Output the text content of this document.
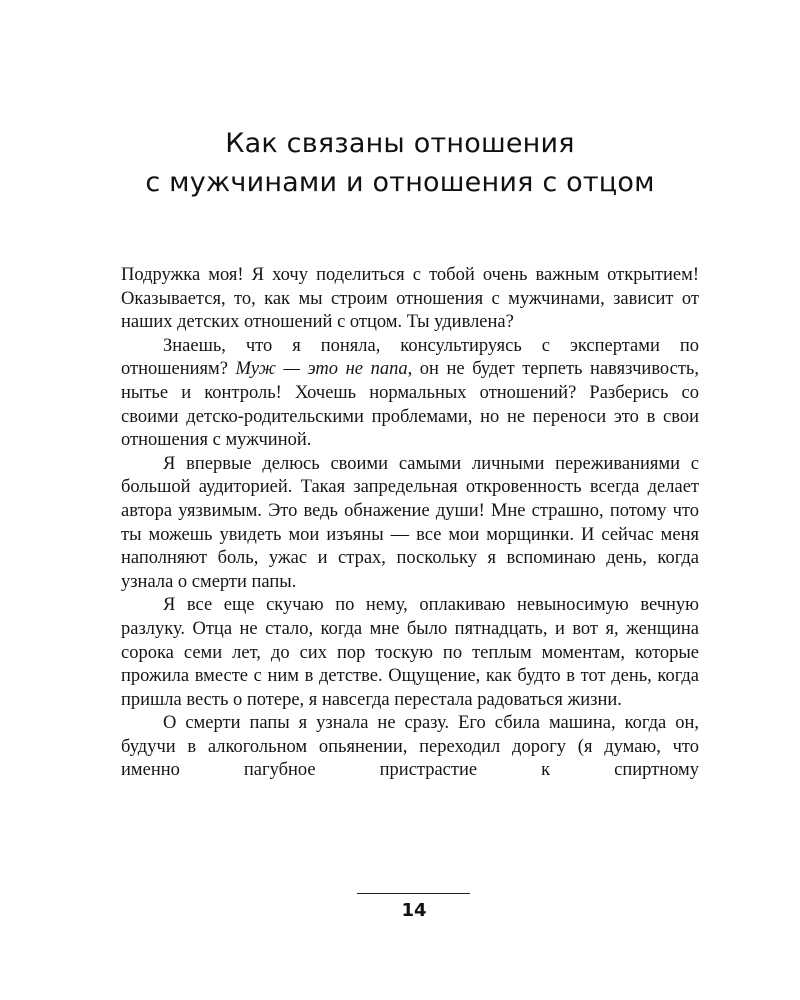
Как связаны отношения
с мужчинами и отношения с отцом

Подружка моя! Я хочу поделиться с тобой очень важным открытием! Оказывается, то, как мы строим отношения с мужчинами, зависит от наших детских отношений с отцом. Ты удивлена?

Знаешь, что я поняла, консультируясь с экспертами по отношениям? Муж — это не папа, он не будет терпеть навязчивость, нытье и контроль! Хочешь нормальных отношений? Разберись со своими детско-родительскими проблемами, но не переноси это в свои отношения с мужчиной.

Я впервые делюсь своими самыми личными переживаниями с большой аудиторией. Такая запредельная откровенность всегда делает автора уязвимым. Это ведь обнажение души! Мне страшно, потому что ты можешь увидеть мои изъяны — все мои морщинки. И сейчас меня наполняют боль, ужас и страх, поскольку я вспоминаю день, когда узнала о смерти папы.

Я все еще скучаю по нему, оплакиваю невыносимую вечную разлуку. Отца не стало, когда мне было пятнадцать, и вот я, женщина сорока семи лет, до сих пор тоскую по теплым моментам, которые прожила вместе с ним в детстве. Ощущение, как будто в тот день, когда пришла весть о потере, я навсегда перестала радоваться жизни.

О смерти папы я узнала не сразу. Его сбила машина, когда он, будучи в алкогольном опьянении, переходил дорогу (я думаю, что именно пагубное пристрастие к спиртному

14
